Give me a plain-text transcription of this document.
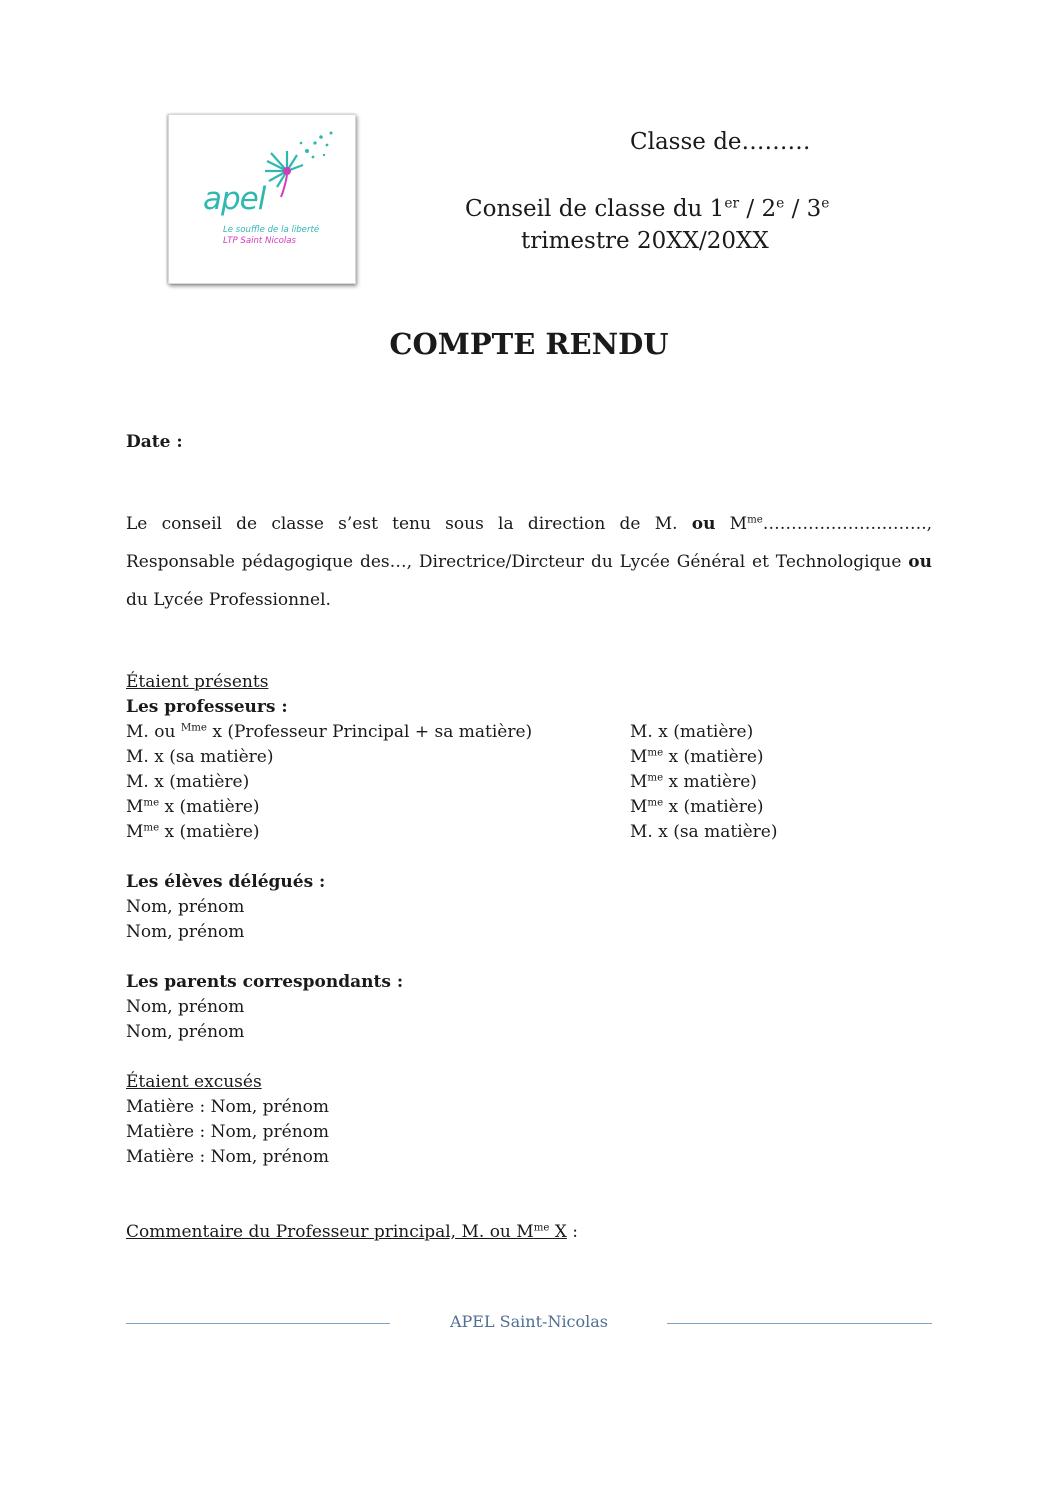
apel
Le souffle de la liberté
LTP Saint Nicolas
Classe de………
Conseil de classe du 1er / 2e / 3e
trimestre 20XX/20XX
COMPTE RENDU
Date :
Le conseil de classe s’est tenu sous la direction de M. ou $M^{me}\dots\dots\dots\dots\dots\dots\dots.\dots\dots$., Responsable pédagogique des…, Directrice/Dircteur du Lycée Général et Technologique ou du Lycée Professionnel.
Étaient présents
Les professeurs :
M. ou $^{Mme}$ x (Professeur Principal + sa matière)
M. x (sa matière)
M. x (matière)
$M^{me}$ x (matière)
$M^{me}$ x (matière)
M. x (matière)
$M^{me}$ x (matière)
$M^{me}$ x matière)
$M^{me}$ x (matière)
M. x (sa matière)
Les élèves délégués :
Nom, prénom
Nom, prénom
Les parents correspondants :
Nom, prénom
Nom, prénom
Étaient excusés
Matière : Nom, prénom
Matière : Nom, prénom
Matière : Nom, prénom
Commentaire du Professeur principal, M. ou $M^{me}$ X :
APEL Saint-Nicolas
